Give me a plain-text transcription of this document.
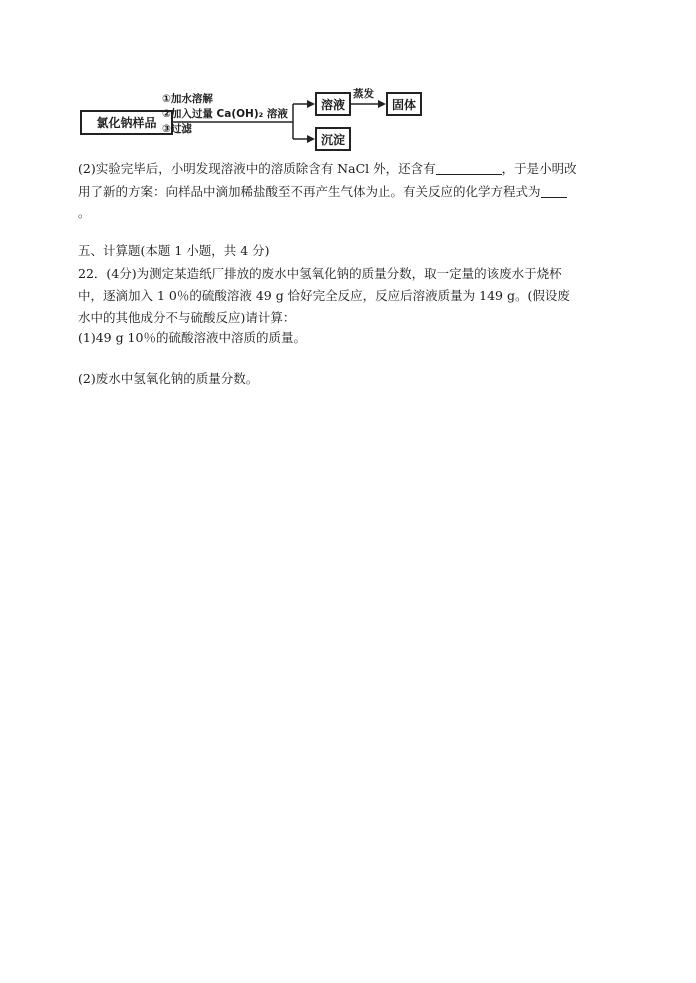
氯化钠样品
①加水溶解
②加入过量 Ca(OH)₂ 溶液
③过滤
溶液
蒸发
固体
沉淀
(2)实验完毕后，小明发现溶液中的溶质除含有 NaCl 外，还含有	，于是小明改
用了新的方案：向样品中滴加稀盐酸至不再产生气体为止。有关反应的化学方程式为
。
五、计算题(本题 1 小题，共 4 分)
22．(4分)为测定某造纸厂排放的废水中氢氧化钠的质量分数，取一定量的该废水于烧杯
中，逐滴加入 1 0％的硫酸溶液 49 g 恰好完全反应，反应后溶液质量为 149 g。(假设废
水中的其他成分不与硫酸反应)请计算：
(1)49 g 10％的硫酸溶液中溶质的质量。
(2)废水中氢氧化钠的质量分数。
